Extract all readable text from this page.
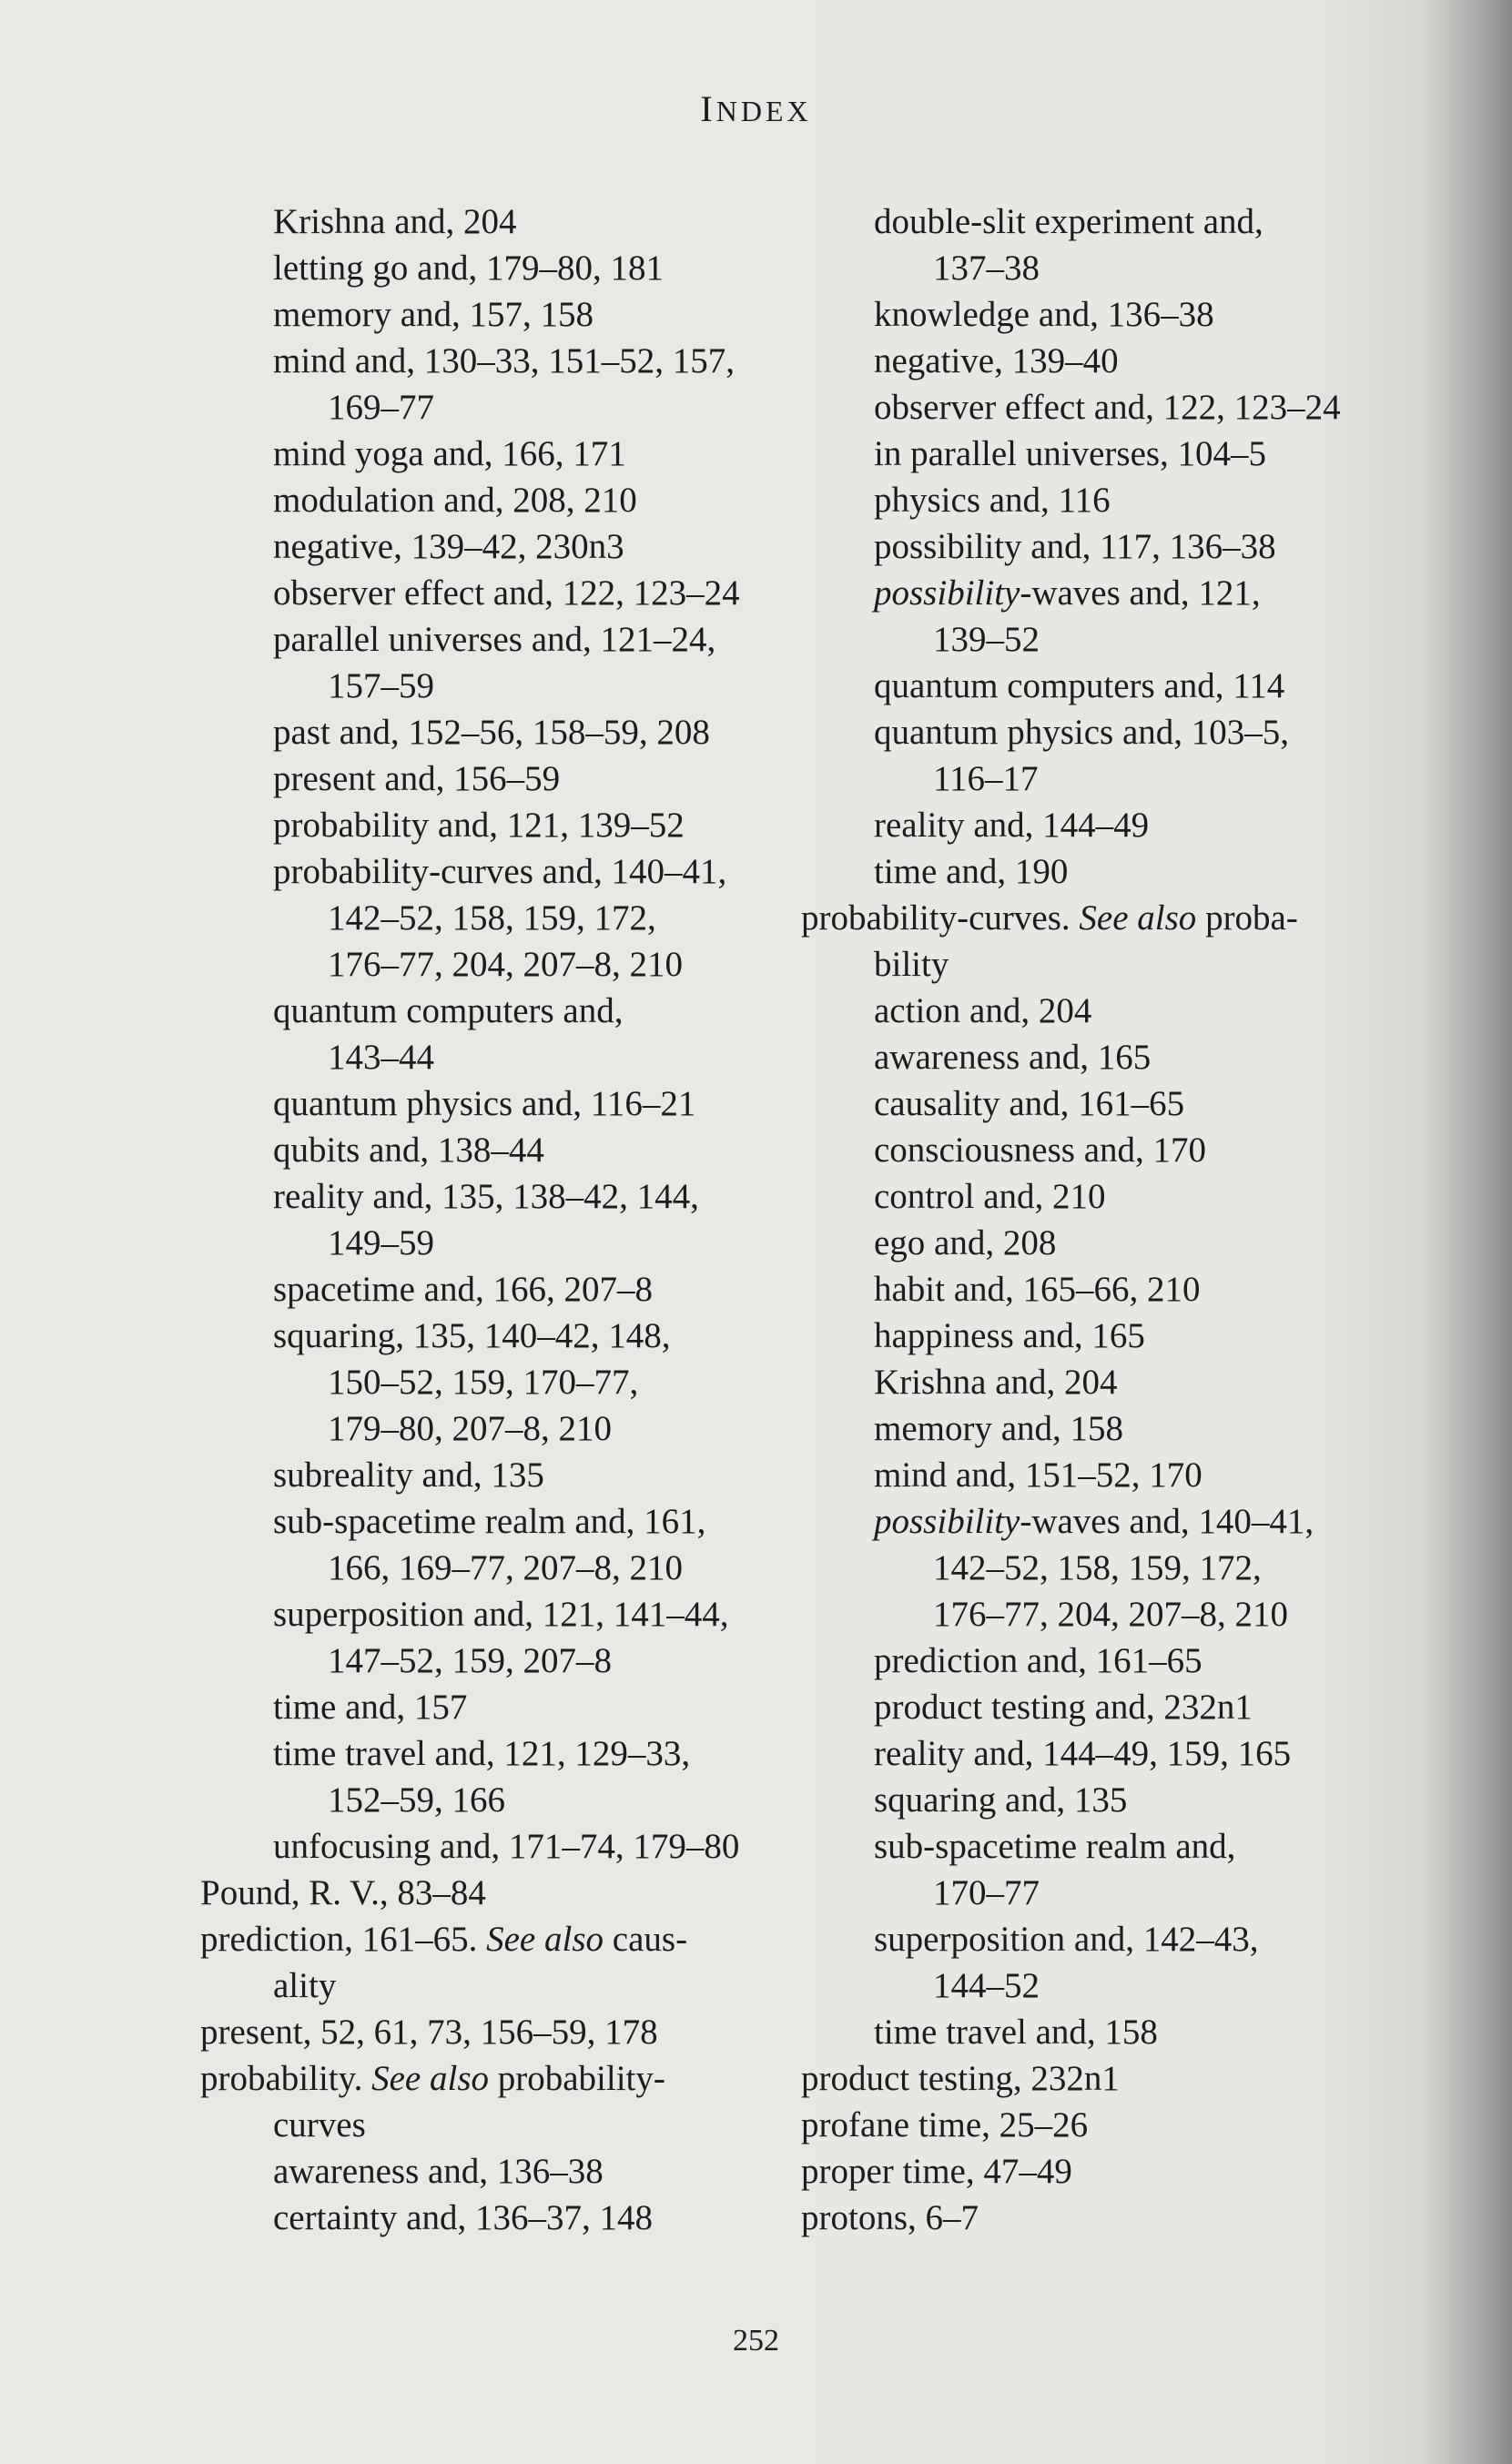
INDEX
Krishna and, 204
letting go and, 179–80, 181
memory and, 157, 158
mind and, 130–33, 151–52, 157,
169–77
mind yoga and, 166, 171
modulation and, 208, 210
negative, 139–42, 230n3
observer effect and, 122, 123–24
parallel universes and, 121–24,
157–59
past and, 152–56, 158–59, 208
present and, 156–59
probability and, 121, 139–52
probability-curves and, 140–41,
142–52, 158, 159, 172,
176–77, 204, 207–8, 210
quantum computers and,
143–44
quantum physics and, 116–21
qubits and, 138–44
reality and, 135, 138–42, 144,
149–59
spacetime and, 166, 207–8
squaring, 135, 140–42, 148,
150–52, 159, 170–77,
179–80, 207–8, 210
subreality and, 135
sub-spacetime realm and, 161,
166, 169–77, 207–8, 210
superposition and, 121, 141–44,
147–52, 159, 207–8
time and, 157
time travel and, 121, 129–33,
152–59, 166
unfocusing and, 171–74, 179–80
Pound, R. V., 83–84
prediction, 161–65. See also caus-
ality
present, 52, 61, 73, 156–59, 178
probability. See also probability-
curves
awareness and, 136–38
certainty and, 136–37, 148
double-slit experiment and,
137–38
knowledge and, 136–38
negative, 139–40
observer effect and, 122, 123–24
in parallel universes, 104–5
physics and, 116
possibility and, 117, 136–38
possibility-waves and, 121,
139–52
quantum computers and, 114
quantum physics and, 103–5,
116–17
reality and, 144–49
time and, 190
probability-curves. See also proba-
bility
action and, 204
awareness and, 165
causality and, 161–65
consciousness and, 170
control and, 210
ego and, 208
habit and, 165–66, 210
happiness and, 165
Krishna and, 204
memory and, 158
mind and, 151–52, 170
possibility-waves and, 140–41,
142–52, 158, 159, 172,
176–77, 204, 207–8, 210
prediction and, 161–65
product testing and, 232n1
reality and, 144–49, 159, 165
squaring and, 135
sub-spacetime realm and,
170–77
superposition and, 142–43,
144–52
time travel and, 158
product testing, 232n1
profane time, 25–26
proper time, 47–49
protons, 6–7
252
